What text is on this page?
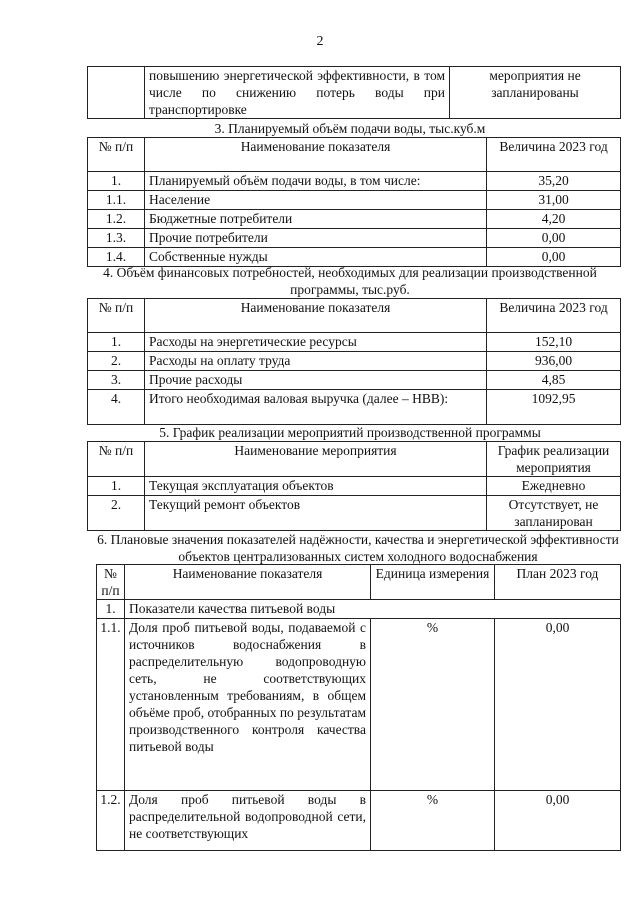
2
	повышению энергетической эффективности, в том числе по снижению потерь воды при транспортировке	мероприятия не запланированы
3. Планируемый объём подачи воды, тыс.куб.м
№ п/п	Наименование показателя	Величина 2023 год
1.	Планируемый объём подачи воды, в том числе:	35,20
1.1.	Население	31,00
1.2.	Бюджетные потребители	4,20
1.3.	Прочие потребители	0,00
1.4.	Собственные нужды	0,00
4. Объём финансовых потребностей, необходимых для реализации производственной программы, тыс.руб.
№ п/п	Наименование показателя	Величина 2023 год
1.	Расходы на энергетические ресурсы	152,10
2.	Расходы на оплату труда	936,00
3.	Прочие расходы	4,85
4.	Итого необходимая валовая выручка (далее – НВВ):	1092,95
5. График реализации мероприятий производственной программы
№ п/п	Наименование мероприятия	График реализации мероприятия
1.	Текущая эксплуатация объектов	Ежедневно
2.	Текущий ремонт объектов	Отсутствует, не запланирован
6. Плановые значения показателей надёжности, качества и энергетической эффективности объектов централизованных систем холодного водоснабжения
№ п/п	Наименование показателя	Единица измерения	План 2023 год
1.	Показатели качества питьевой воды		
1.1.	Доля проб питьевой воды, подаваемой с источников водоснабжения в распределительную водопроводную сеть, не соответствующих установленным требованиям, в общем объёме проб, отобранных по результатам производственного контроля качества питьевой воды	%	0,00
1.2.	Доля проб питьевой воды в распределительной водопроводной сети, не соответствующих	%	0,00
